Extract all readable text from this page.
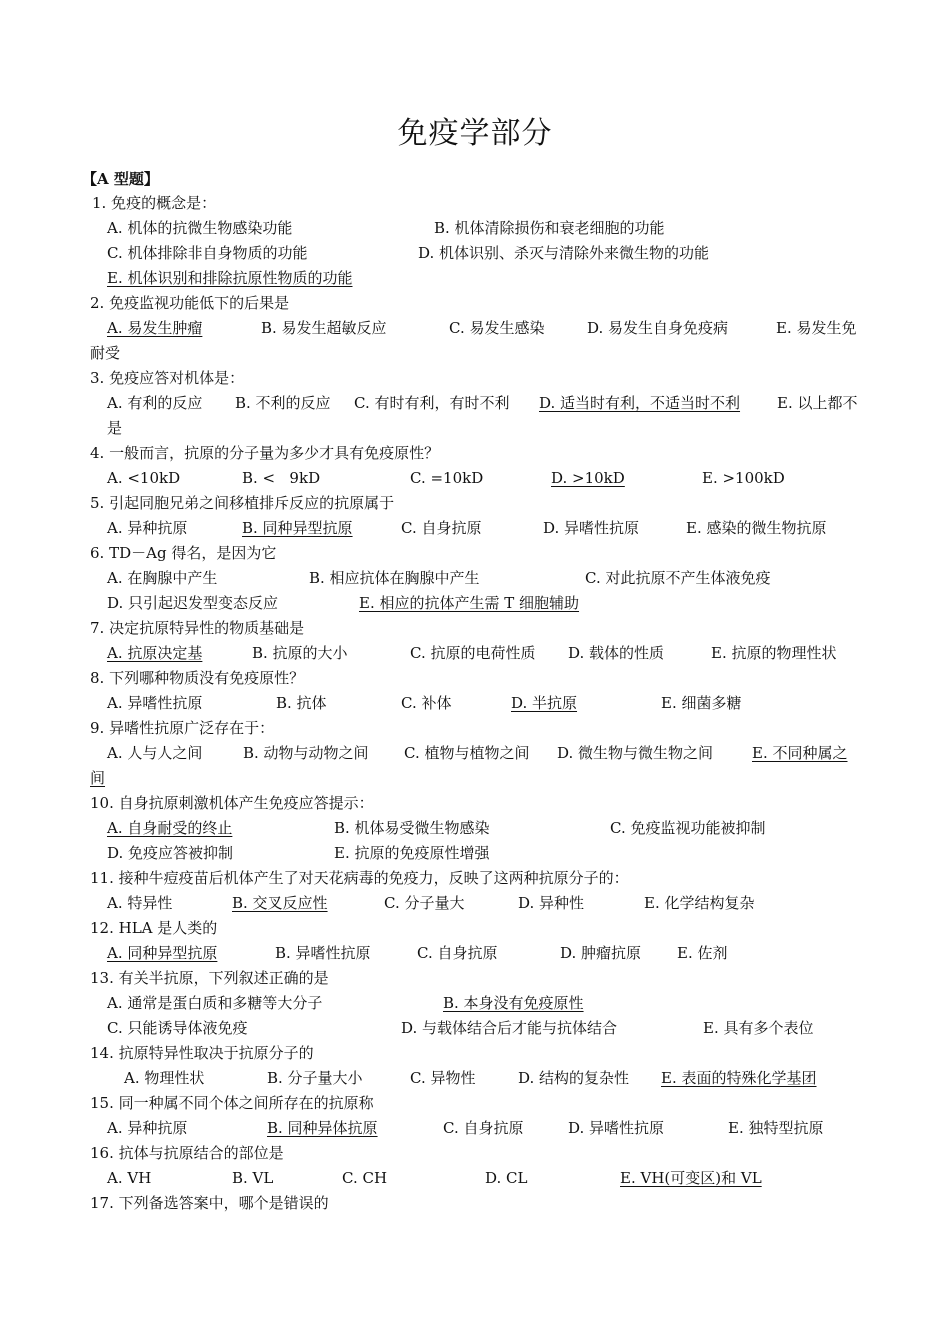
免疫学部分
【A 型题】
1. 免疫的概念是：
A. 机体的抗微生物感染功能	B. 机体清除损伤和衰老细胞的功能
C. 机体排除非自身物质的功能	D. 机体识别、杀灭与清除外来微生物的功能
E. 机体识别和排除抗原性物质的功能
2. 免疫监视功能低下的后果是
A. 易发生肿瘤	B. 易发生超敏反应	C. 易发生感染	D. 易发生自身免疫病	E. 易发生免
耐受
3. 免疫应答对机体是：
A. 有利的反应 B. 不利的反应 C. 有时有利，有时不利 D. 适当时有利，不适当时不利 E. 以上都不
是
4. 一般而言，抗原的分子量为多少才具有免疫原性？
A. <10kD	B. <   9kD	C. =10kD	D. >10kD	E. >100kD
5. 引起同胞兄弟之间移植排斥反应的抗原属于
A. 异种抗原	B. 同种异型抗原	C. 自身抗原	D. 异嗜性抗原	E. 感染的微生物抗原
6. TD－Ag 得名，是因为它
A. 在胸腺中产生	B. 相应抗体在胸腺中产生	C. 对此抗原不产生体液免疫
D. 只引起迟发型变态反应	E. 相应的抗体产生需 T 细胞辅助
7. 决定抗原特异性的物质基础是
A. 抗原决定基	B. 抗原的大小	C. 抗原的电荷性质 D. 载体的性质	E. 抗原的物理性状
8. 下列哪种物质没有免疫原性？
A. 异嗜性抗原	B. 抗体	C. 补体	D. 半抗原	E. 细菌多糖
9. 异嗜性抗原广泛存在于：
A. 人与人之间	B. 动物与动物之间 C. 植物与植物之间 D. 微生物与微生物之间	E. 不同种属之
间
10. 自身抗原刺激机体产生免疫应答提示：
A. 自身耐受的终止	B. 机体易受微生物感染	C. 免疫监视功能被抑制
D. 免疫应答被抑制	E. 抗原的免疫原性增强
11. 接种牛痘疫苗后机体产生了对天花病毒的免疫力，反映了这两种抗原分子的：
A. 特异性	B. 交叉反应性	C. 分子量大	D. 异种性	E. 化学结构复杂
12. HLA 是人类的
A. 同种异型抗原	B. 异嗜性抗原	C. 自身抗原	D. 肿瘤抗原 E. 佐剂
13. 有关半抗原，下列叙述正确的是
A. 通常是蛋白质和多糖等大分子	B. 本身没有免疫原性
C. 只能诱导体液免疫	D. 与载体结合后才能与抗体结合	E. 具有多个表位
14. 抗原特异性取决于抗原分子的
A. 物理性状	B. 分子量大小	C. 异物性	D. 结构的复杂性 E. 表面的特殊化学基团
15. 同一种属不同个体之间所存在的抗原称
A. 异种抗原	B. 同种异体抗原	C. 自身抗原	D. 异嗜性抗原	E. 独特型抗原
16. 抗体与抗原结合的部位是
A. VH	B. VL	C. CH	D. CL	E. VH(可变区)和 VL
17. 下列备选答案中，哪个是错误的
